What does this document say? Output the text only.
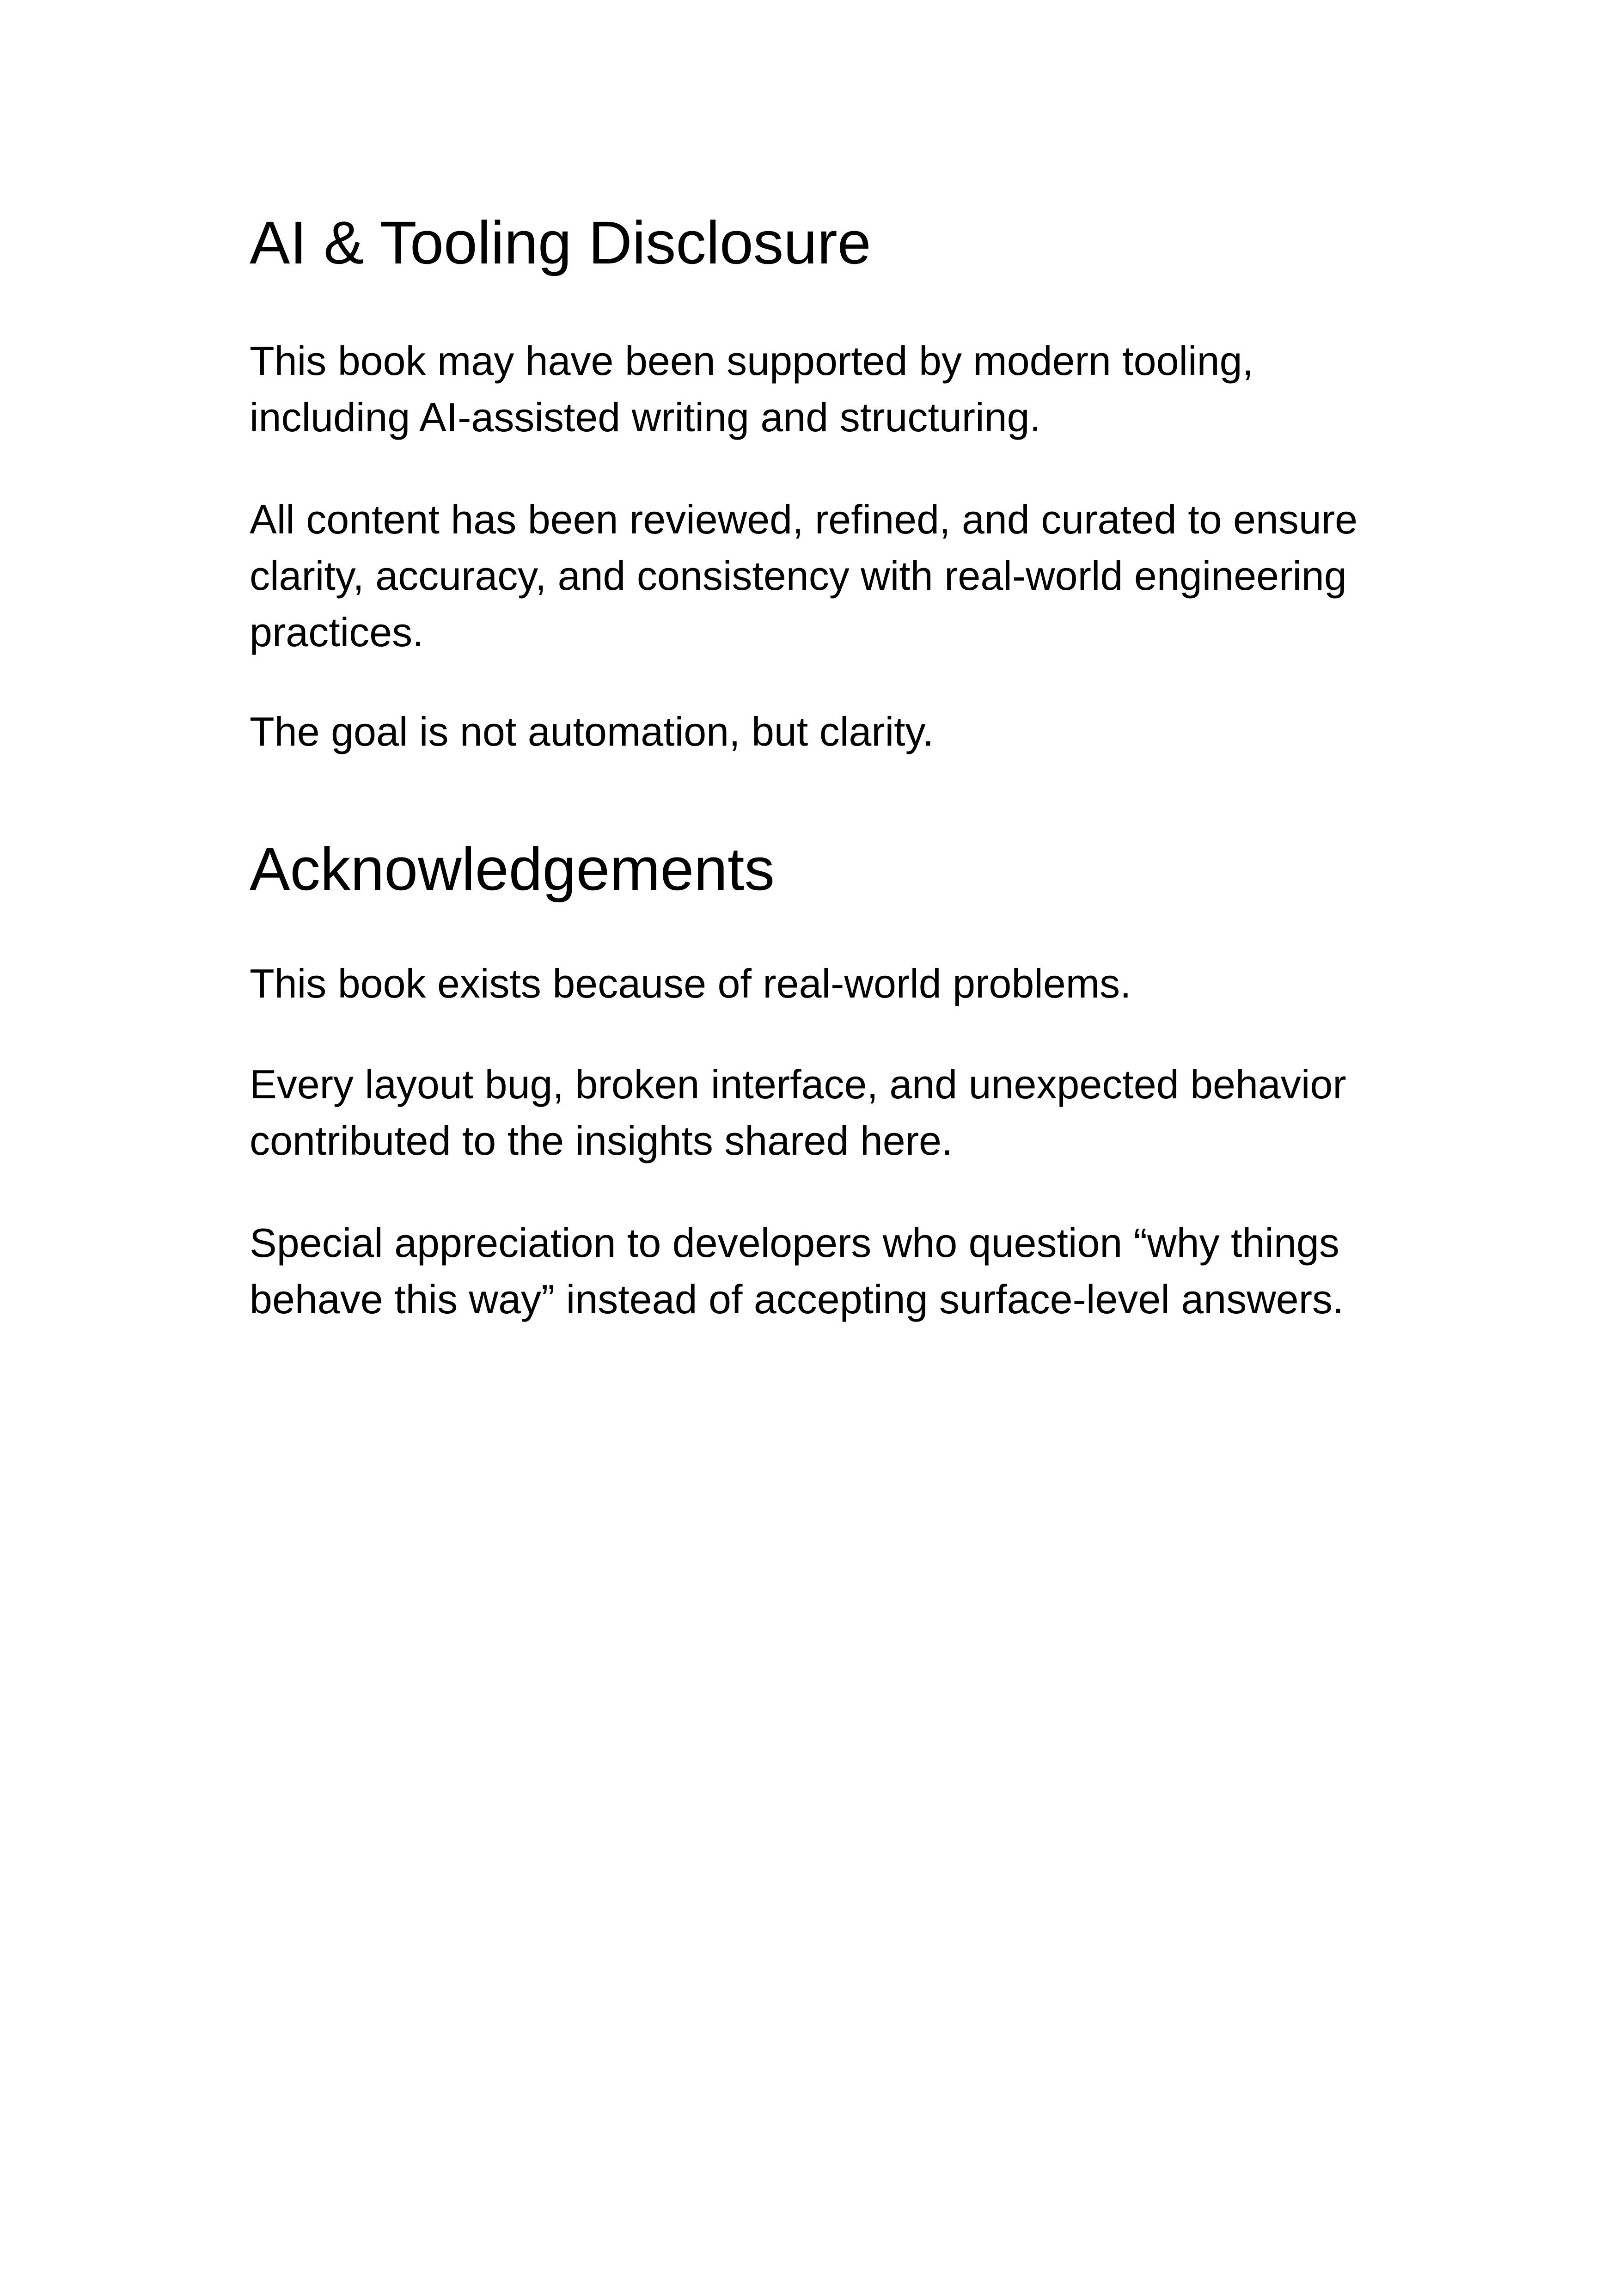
AI & Tooling Disclosure

This book may have been supported by modern tooling,
including AI-assisted writing and structuring.

All content has been reviewed, refined, and curated to ensure
clarity, accuracy, and consistency with real-world engineering
practices.

The goal is not automation, but clarity.

Acknowledgements

This book exists because of real-world problems.

Every layout bug, broken interface, and unexpected behavior
contributed to the insights shared here.

Special appreciation to developers who question “why things
behave this way” instead of accepting surface-level answers.
